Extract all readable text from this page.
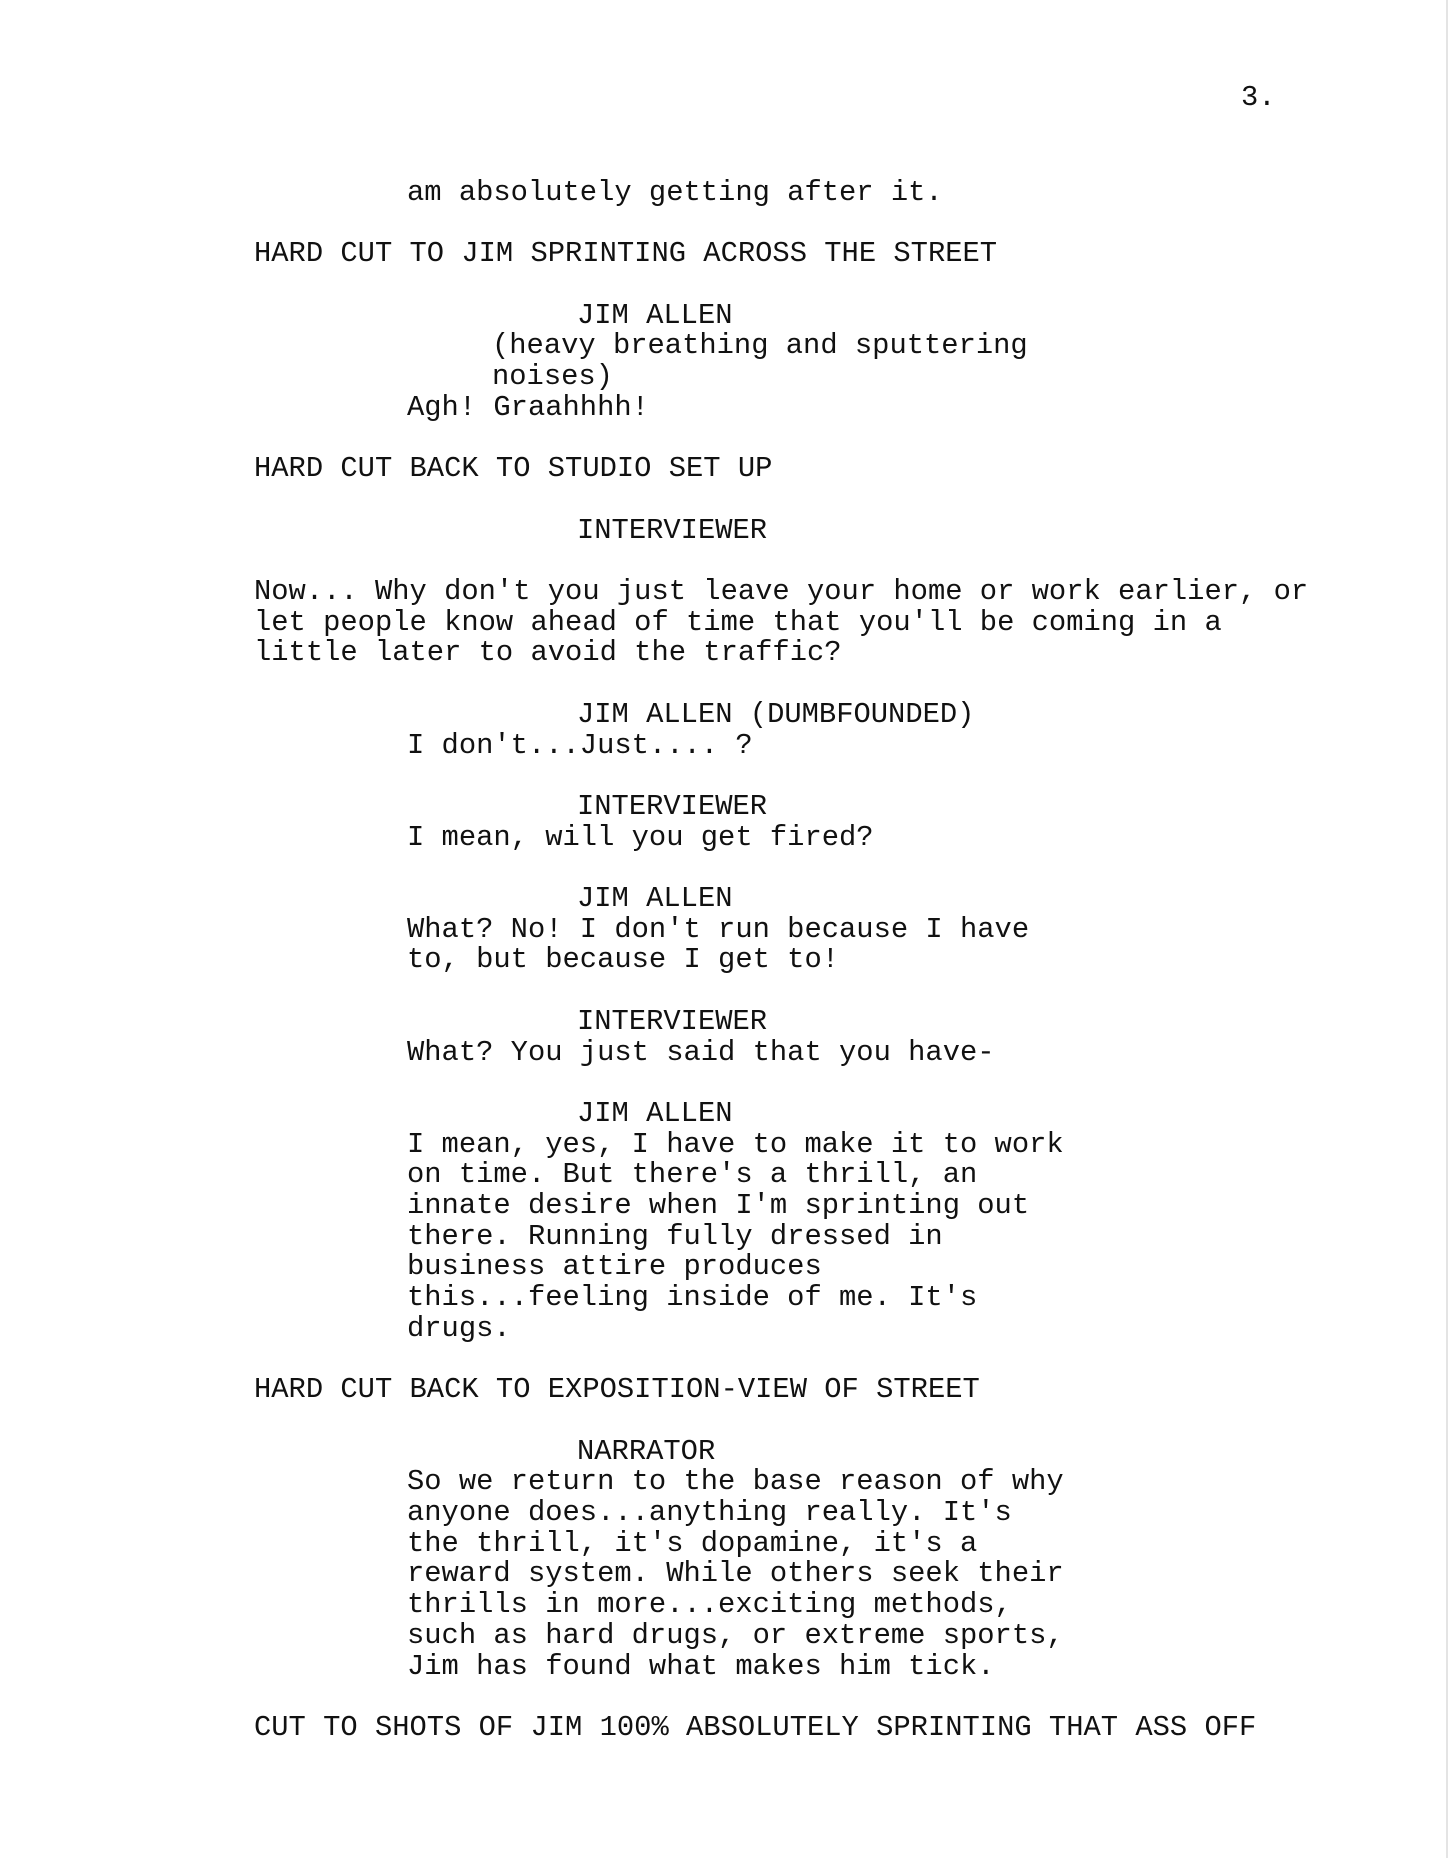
3.

am absolutely getting after it.

HARD CUT TO JIM SPRINTING ACROSS THE STREET

JIM ALLEN

(heavy breathing and sputtering

noises)

Agh! Graahhhh!

HARD CUT BACK TO STUDIO SET UP

INTERVIEWER

Now... Why don't you just leave your home or work earlier, or

let people know ahead of time that you'll be coming in a

little later to avoid the traffic?

JIM ALLEN (DUMBFOUNDED)

I don't...Just.... ?

INTERVIEWER

I mean, will you get fired?

JIM ALLEN

What? No! I don't run because I have

to, but because I get to!

INTERVIEWER

What? You just said that you have-

JIM ALLEN

I mean, yes, I have to make it to work

on time. But there's a thrill, an

innate desire when I'm sprinting out

there. Running fully dressed in

business attire produces

this...feeling inside of me. It's

drugs.

HARD CUT BACK TO EXPOSITION-VIEW OF STREET

NARRATOR

So we return to the base reason of why

anyone does...anything really. It's

the thrill, it's dopamine, it's a

reward system. While others seek their

thrills in more...exciting methods,

such as hard drugs, or extreme sports,

Jim has found what makes him tick.

CUT TO SHOTS OF JIM 100% ABSOLUTELY SPRINTING THAT ASS OFF
